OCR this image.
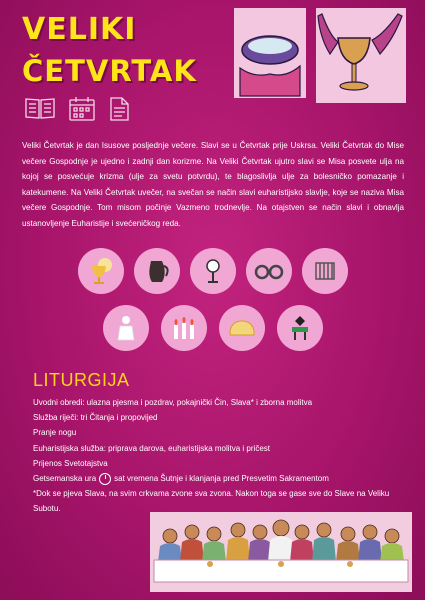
VELIKI
ČETVRTAK
Veliki Četvrtak je dan Isusove posljednje večere. Slavi se u Četvrtak prije Uskrsa. Veliki Četvrtak do Mise večere Gospodnje je ujedno i zadnji dan korizme. Na Veliki Četvrtak ujutro slavi se Misa posvete ulja na kojoj se posvećuje krizma (ulje za svetu potvrdu), te blagoslivlja ulje za bolesničko pomazanje i katekumene. Na Veliki Četvrtak uvečer, na svečan se način slavi euharistijsko slavlje, koje se naziva Misa večere Gospodnje. Tom misom počinje Vazmeno trodnevlje. Na otajstven se način slavi i obnavlja ustanovljenje Euharistije i svećeničkog reda.
LITURGIJA
Uvodni obredi: ulazna pjesma i pozdrav, pokajnički Čin, Slava* i zborna molitva
Služba riječi: tri Čitanja i propovijed
Pranje nogu
Euharistijska služba: priprava darova, euharistijska molitva i pričest
Prijenos Svetotajstva
Getsemanska ura sat vremena Šutnje i klanjanja pred Presvetim Sakramentom
*Dok se pjeva Slava, na svim crkvama zvone sva zvona. Nakon toga se gase sve do Slave na Veliku Subotu.
